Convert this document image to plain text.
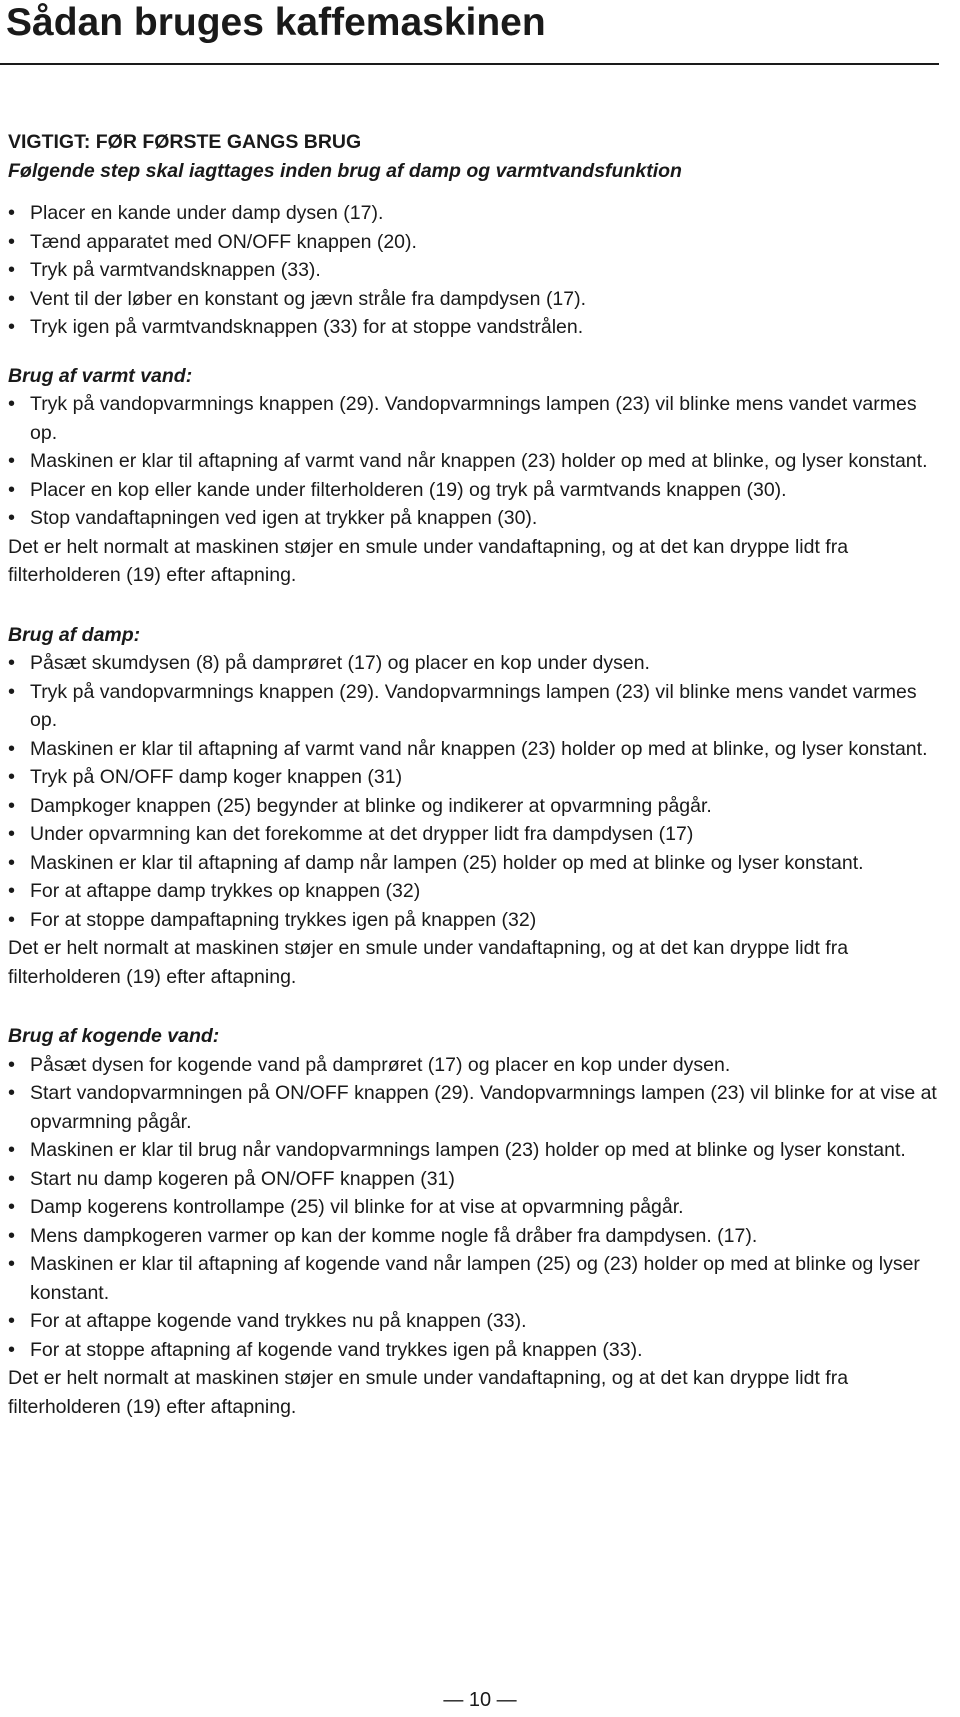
Sådan bruges kaffemaskinen

VIGTIGT: FØR FØRSTE GANGS BRUG

Følgende step skal iagttages inden brug af damp og varmtvandsfunktion

• Placer en kande under damp dysen (17).
• Tænd apparatet med ON/OFF knappen (20).
• Tryk på varmtvandsknappen (33).
• Vent til der løber en konstant og jævn stråle fra dampdysen (17).
• Tryk igen på varmtvandsknappen (33) for at stoppe vandstrålen.

Brug af varmt vand:

• Tryk på vandopvarmnings knappen (29). Vandopvarmnings lampen (23) vil blinke mens vandet varmes op.
• Maskinen er klar til aftapning af varmt vand når knappen (23) holder op med at blinke, og lyser konstant.
• Placer en kop eller kande under filterholderen (19) og tryk på varmtvands knappen (30).
• Stop vandaftapningen ved igen at trykker på knappen (30).

Det er helt normalt at maskinen støjer en smule under vandaftapning, og at det kan dryppe lidt fra filterholderen (19) efter aftapning.

Brug af damp:

• Påsæt skumdysen (8) på damprøret (17) og placer en kop under dysen.
• Tryk på vandopvarmnings knappen (29). Vandopvarmnings lampen (23) vil blinke mens vandet varmes op.
• Maskinen er klar til aftapning af varmt vand når knappen (23) holder op med at blinke, og lyser konstant.
• Tryk på ON/OFF damp koger knappen (31)
• Dampkoger knappen (25) begynder at blinke og indikerer at opvarmning pågår.
• Under opvarmning kan det forekomme at det drypper lidt fra dampdysen (17)
• Maskinen er klar til aftapning af damp når lampen (25) holder op med at blinke og lyser konstant.
• For at aftappe damp trykkes op knappen (32)
• For at stoppe dampaftapning trykkes igen på knappen (32)

Det er helt normalt at maskinen støjer en smule under vandaftapning, og at det kan dryppe lidt fra filterholderen (19) efter aftapning.

Brug af kogende vand:

• Påsæt dysen for kogende vand på damprøret (17) og placer en kop under dysen.
• Start vandopvarmningen på ON/OFF knappen (29). Vandopvarmnings lampen (23) vil blinke for at vise at opvarmning pågår.
• Maskinen er klar til brug når vandopvarmnings lampen (23) holder op med at blinke og lyser konstant.
• Start nu damp kogeren på ON/OFF knappen (31)
• Damp kogerens kontrollampe (25) vil blinke for at vise at opvarmning pågår.
• Mens dampkogeren varmer op kan der komme nogle få dråber fra dampdysen. (17).
• Maskinen er klar til aftapning af kogende vand når lampen (25) og (23) holder op med at blinke og lyser konstant.
• For at aftappe kogende vand trykkes nu på knappen (33).
• For at stoppe aftapning af kogende vand trykkes igen på knappen (33).

Det er helt normalt at maskinen støjer en smule under vandaftapning, og at det kan dryppe lidt fra filterholderen (19) efter aftapning.

— 10 —
